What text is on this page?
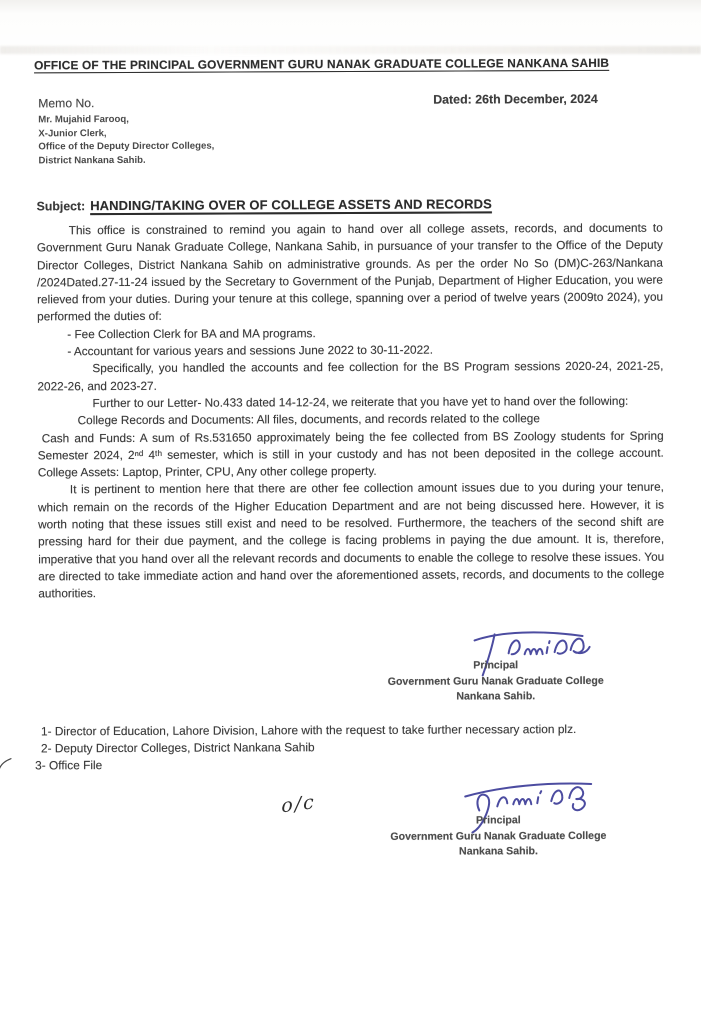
OFFICE OF THE PRINCIPAL GOVERNMENT GURU NANAK GRADUATE COLLEGE NANKANA SAHIB
Memo No.	Dated: 26th December, 2024
Mr. Mujahid Farooq,
X-Junior Clerk,
Office of the Deputy Director Colleges,
District Nankana Sahib.
Subject: HANDING/TAKING OVER OF COLLEGE ASSETS AND RECORDS
This office is constrained to remind you again to hand over all college assets, records, and documents to Government Guru Nanak Graduate College, Nankana Sahib, in pursuance of your transfer to the Office of the Deputy Director Colleges, District Nankana Sahib on administrative grounds. As per the order No So (DM)C-263/Nankana /2024Dated.27-11-24 issued by the Secretary to Government of the Punjab, Department of Higher Education, you were relieved from your duties. During your tenure at this college, spanning over a period of twelve years (2009to 2024), you performed the duties of:
- Fee Collection Clerk for BA and MA programs.
- Accountant for various years and sessions June 2022 to 30-11-2022.
Specifically, you handled the accounts and fee collection for the BS Program sessions 2020-24, 2021-25, 2022-26, and 2023-27.
Further to our Letter- No.433 dated 14-12-24, we reiterate that you have yet to hand over the following:
College Records and Documents: All files, documents, and records related to the college
Cash and Funds: A sum of Rs.531650 approximately being the fee collected from BS Zoology students for Spring Semester 2024, 2ⁿᵈ 4ᵗʰ semester, which is still in your custody and has not been deposited in the college account. College Assets: Laptop, Printer, CPU, Any other college property.
It is pertinent to mention here that there are other fee collection amount issues due to you during your tenure, which remain on the records of the Higher Education Department and are not being discussed here. However, it is worth noting that these issues still exist and need to be resolved. Furthermore, the teachers of the second shift are pressing hard for their due payment, and the college is facing problems in paying the due amount. It is, therefore, imperative that you hand over all the relevant records and documents to enable the college to resolve these issues. You are directed to take immediate action and hand over the aforementioned assets, records, and documents to the college authorities.
Principal
Government Guru Nanak Graduate College
Nankana Sahib.
1- Director of Education, Lahore Division, Lahore with the request to take further necessary action plz.
2- Deputy Director Colleges, District Nankana Sahib
3- Office File
o/c
Principal
Government Guru Nanak Graduate College
Nankana Sahib.
